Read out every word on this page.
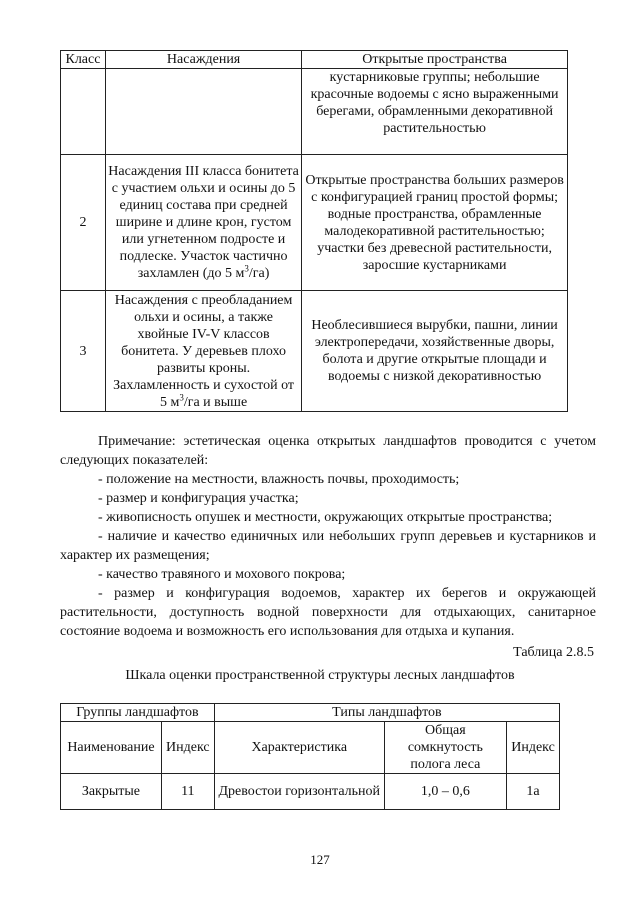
Класс	Насаждения	Открытые пространства
		кустарниковые группы; небольшие красочные водоемы с ясно выраженными берегами, обрамленными декоративной растительностью
2	Насаждения III класса бонитета с участием ольхи и осины до 5 единиц состава при средней ширине и длине крон, густом или угнетенном подросте и подлеске. Участок частично захламлен (до 5 $м^3/га$)	Открытые пространства больших размеров с конфигурацией границ простой формы; водные пространства, обрамленные малодекоративной растительностью; участки без древесной растительности, заросшие кустарниками
3	Насаждения с преобладанием ольхи и осины, а также хвойные IV-V классов бонитета. У деревьев плохо развиты кроны. Захламленность и сухостой от 5 $м^3/га$ и выше	Необлесившиеся вырубки, пашни, линии электропередачи, хозяйственные дворы, болота и другие открытые площади и водоемы с низкой декоративностью

Примечание: эстетическая оценка открытых ландшафтов проводится с учетом следующих показателей:

- положение на местности, влажность почвы, проходимость;

- размер и конфигурация участка;

- живописность опушек и местности, окружающих открытые пространства;

- наличие и качество единичных или небольших групп деревьев и кустарников и характер их размещения;

- качество травяного и мохового покрова;

- размер и конфигурация водоемов, характер их берегов и окружающей растительности, доступность водной поверхности для отдыхающих, санитарное состояние водоема и возможность его использования для отдыха и купания.

Таблица 2.8.5
Шкала оценки пространственной структуры лесных ландшафтов
Группы ландшафтов		Типы ландшафтов		
Наименование	Индекс	Характеристика	Общая сомкнутость полога леса	Индекс
Закрытые	11	Древостои горизонтальной	1,0 – 0,6	1а
127
